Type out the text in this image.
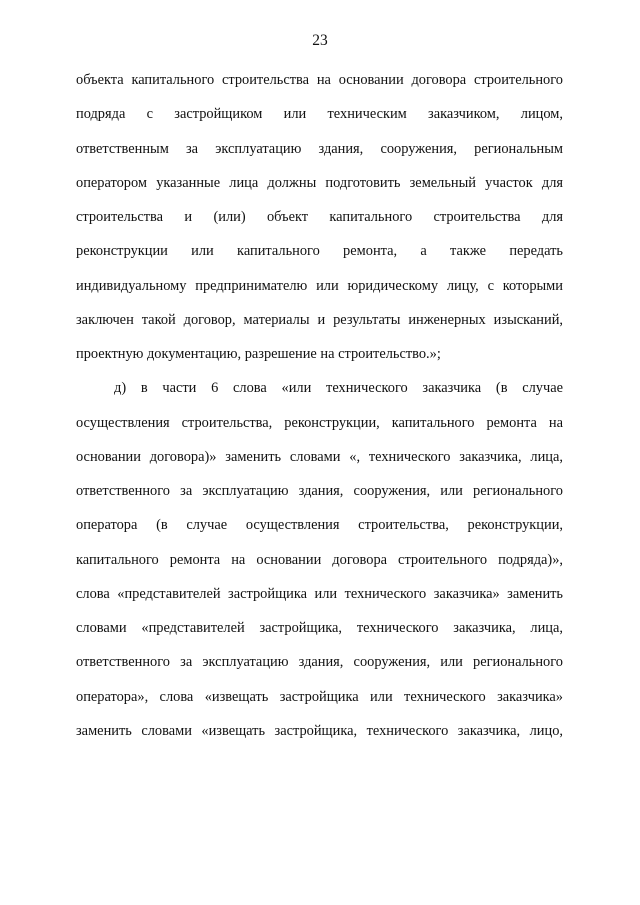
23
объекта капитального строительства на основании договора строительного
подряда с застройщиком или техническим заказчиком, лицом,
ответственным за эксплуатацию здания, сооружения, региональным
оператором указанные лица должны подготовить земельный участок для
строительства и (или) объект капитального строительства для
реконструкции или капитального ремонта, а также передать
индивидуальному предпринимателю или юридическому лицу, с которыми
заключен такой договор, материалы и результаты инженерных изысканий,
проектную документацию, разрешение на строительство.»;
д) в части 6 слова «или технического заказчика (в случае
осуществления строительства, реконструкции, капитального ремонта на
основании договора)» заменить словами «, технического заказчика, лица,
ответственного за эксплуатацию здания, сооружения, или регионального
оператора (в случае осуществления строительства, реконструкции,
капитального ремонта на основании договора строительного подряда)»,
слова «представителей застройщика или технического заказчика» заменить
словами «представителей застройщика, технического заказчика, лица,
ответственного за эксплуатацию здания, сооружения, или регионального
оператора», слова «извещать застройщика или технического заказчика»
заменить словами «извещать застройщика, технического заказчика, лицо,
